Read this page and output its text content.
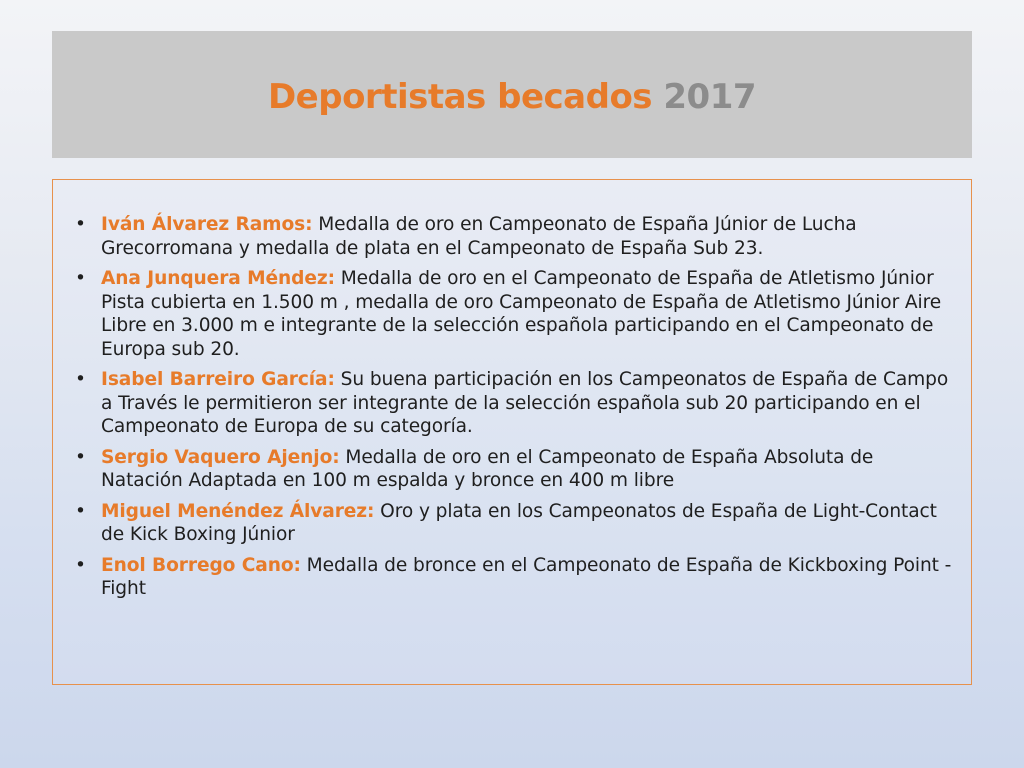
Deportistas becados 2017
• Iván Álvarez Ramos: Medalla de oro en Campeonato de España Júnior de Lucha Grecorromana y medalla de plata en el Campeonato de España Sub 23.
• Ana Junquera Méndez: Medalla de oro en el Campeonato de España de Atletismo Júnior Pista cubierta en 1.500 m , medalla de oro Campeonato de España de Atletismo Júnior Aire Libre en 3.000 m e integrante de la selección española participando en el Campeonato de Europa sub 20.
• Isabel Barreiro García: Su buena participación en los Campeonatos de España de Campo a Través le permitieron ser integrante de la selección española sub 20 participando en el Campeonato de Europa de su categoría.
• Sergio Vaquero Ajenjo: Medalla de oro en el Campeonato de España Absoluta de Natación Adaptada en 100 m espalda y bronce en 400 m libre
• Miguel Menéndez Álvarez: Oro y plata en los Campeonatos de España de Light-Contact de Kick Boxing Júnior
• Enol Borrego Cano: Medalla de bronce en el Campeonato de España de Kickboxing Point -Fight
